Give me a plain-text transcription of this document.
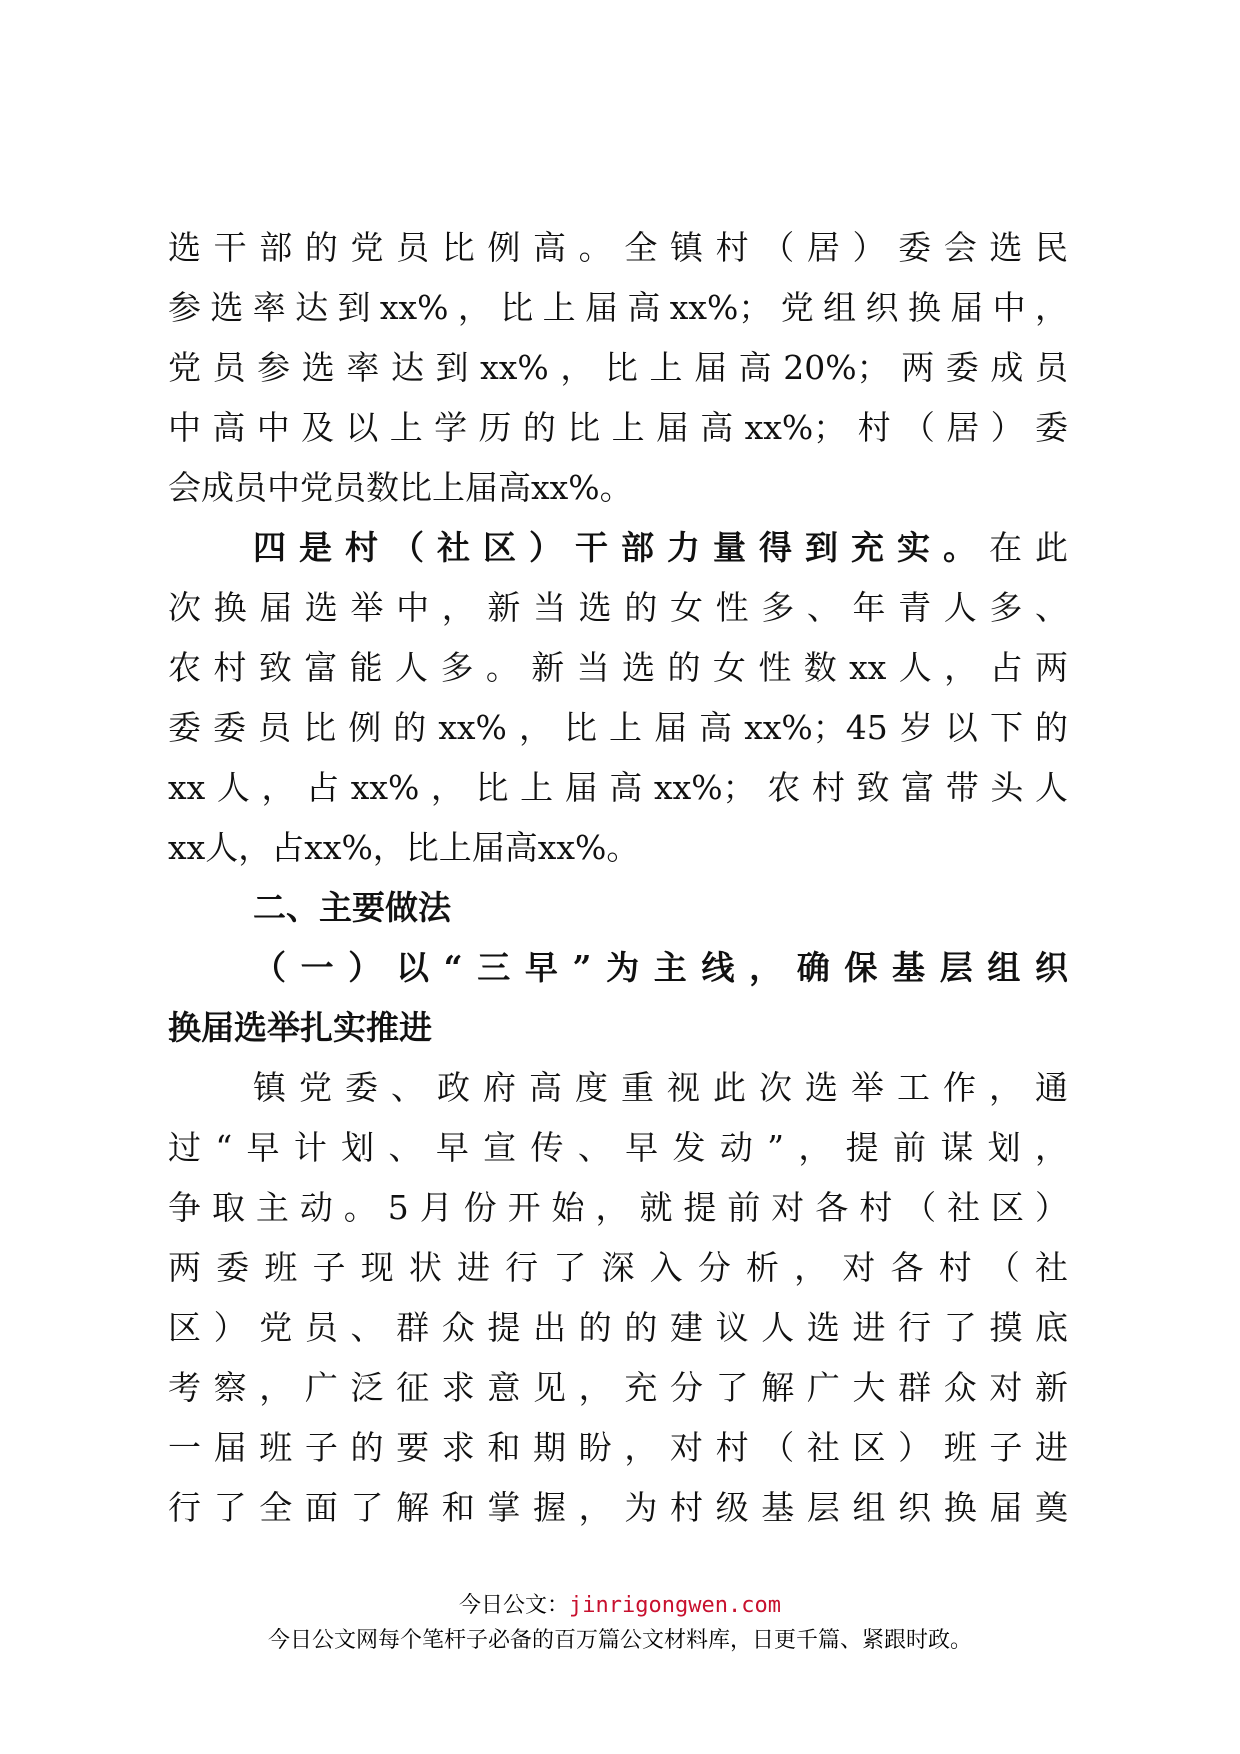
选干部的党员比例高。全镇村（居）委会选民
参选率达到xx%，比上届高xx%；党组织换届中，
党员参选率达到xx%，比上届高20%；两委成员
中高中及以上学历的比上届高xx%；村（居）委
会成员中党员数比上届高xx%。
四是村（社区）干部力量得到充实。在此
次换届选举中，新当选的女性多、年青人多、
农村致富能人多。新当选的女性数xx人，占两
委委员比例的xx%，比上届高xx%；45岁以下的
xx人，占xx%，比上届高xx%；农村致富带头人
xx人，占xx%，比上届高xx%。
二、主要做法
（一）以“三早”为主线，确保基层组织
换届选举扎实推进
镇党委、政府高度重视此次选举工作，通
过“早计划、早宣传、早发动”，提前谋划，
争取主动。5月份开始，就提前对各村（社区）
两委班子现状进行了深入分析，对各村（社
区）党员、群众提出的的建议人选进行了摸底
考察，广泛征求意见，充分了解广大群众对新
一届班子的要求和期盼，对村（社区）班子进
行了全面了解和掌握，为村级基层组织换届奠
今日公文：jinrigongwen.com
今日公文网每个笔杆子必备的百万篇公文材料库，日更千篇、紧跟时政。
